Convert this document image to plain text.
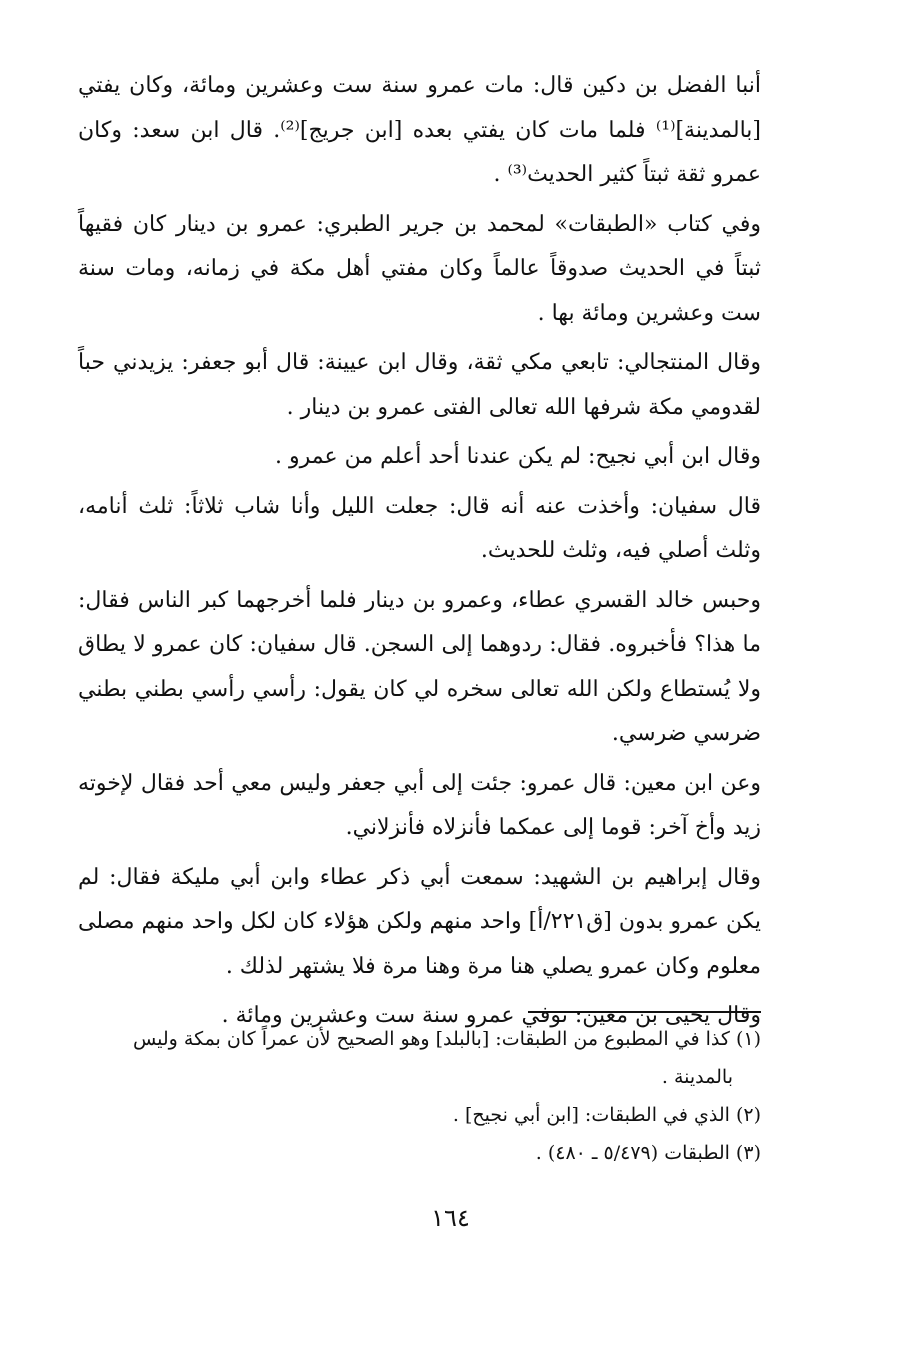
أنبا الفضل بن دكين قال: مات عمرو سنة ست وعشرين ومائة، وكان يفتي [بالمدينة]⁽¹⁾ فلما مات كان يفتي بعده [ابن جريج]⁽²⁾. قال ابن سعد: وكان عمرو ثقة ثبتاً كثير الحديث⁽³⁾ .

وفي كتاب «الطبقات» لمحمد بن جرير الطبري: عمرو بن دينار كان فقيهاً ثبتاً في الحديث صدوقاً عالماً وكان مفتي أهل مكة في زمانه، ومات سنة ست وعشرين ومائة بها .

وقال المنتجالي: تابعي مكي ثقة، وقال ابن عيينة: قال أبو جعفر: يزيدني حباً لقدومي مكة شرفها الله تعالى الفتى عمرو بن دينار .

وقال ابن أبي نجيح: لم يكن عندنا أحد أعلم من عمرو .

قال سفيان: وأخذت عنه أنه قال: جعلت الليل وأنا شاب ثلاثاً: ثلث أنامه، وثلث أصلي فيه، وثلث للحديث.

وحبس خالد القسري عطاء، وعمرو بن دينار فلما أخرجهما كبر الناس فقال: ما هذا؟ فأخبروه. فقال: ردوهما إلى السجن. قال سفيان: كان عمرو لا يطاق ولا يُستطاع ولكن الله تعالى سخره لي كان يقول: رأسي رأسي بطني بطني ضرسي ضرسي.

وعن ابن معين: قال عمرو: جئت إلى أبي جعفر وليس معي أحد فقال لإخوته زيد وأخ آخر: قوما إلى عمكما فأنزلاه فأنزلاني.

وقال إبراهيم بن الشهيد: سمعت أبي ذكر عطاء وابن أبي مليكة فقال: لم يكن عمرو بدون [ق٢٢١/أ] واحد منهم ولكن هؤلاء كان لكل واحد منهم مصلى معلوم وكان عمرو يصلي هنا مرة وهنا مرة فلا يشتهر لذلك .

وقال يحيى بن معين: توفي عمرو سنة ست وعشرين ومائة .

(١) كذا في المطبوع من الطبقات: [بالبلد] وهو الصحيح لأن عمراً كان بمكة وليس

بالمدينة .

(٢) الذي في الطبقات: [ابن أبي نجيح] .

(٣) الطبقات (٥/٤٧٩ ـ ٤٨٠) .

١٦٤
